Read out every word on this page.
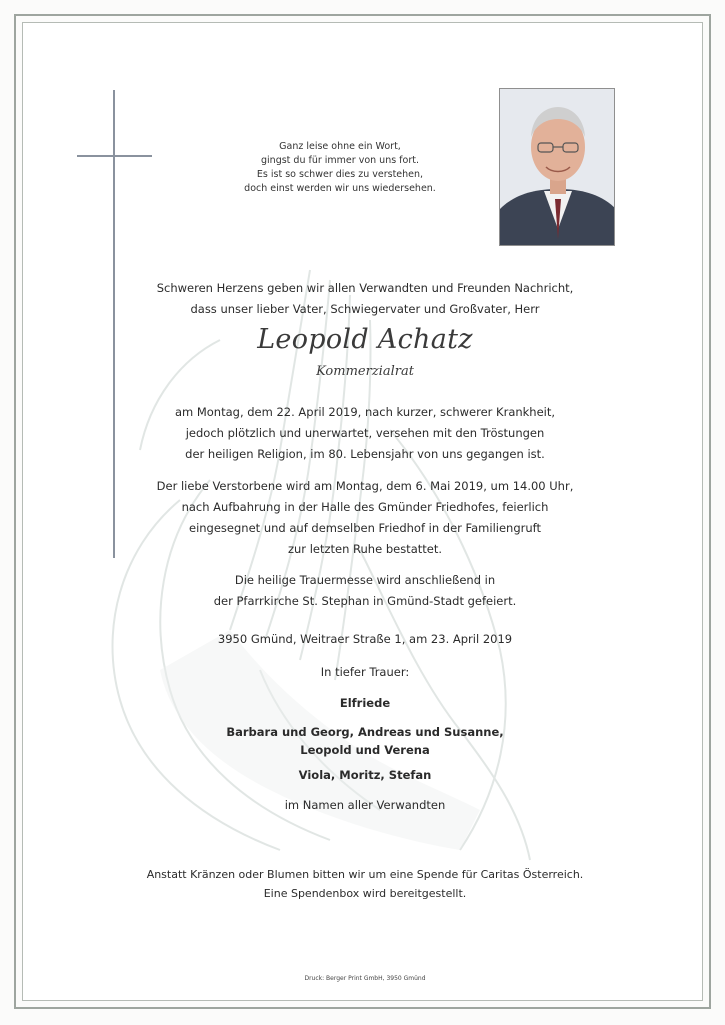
Ganz leise ohne ein Wort,
gingst du für immer von uns fort.
Es ist so schwer dies zu verstehen,
doch einst werden wir uns wiedersehen.
Schweren Herzens geben wir allen Verwandten und Freunden Nachricht,
dass unser lieber Vater, Schwiegervater und Großvater, Herr
Leopold Achatz
Kommerzialrat
am Montag, dem 22. April 2019, nach kurzer, schwerer Krankheit,
jedoch plötzlich und unerwartet, versehen mit den Tröstungen
der heiligen Religion, im 80. Lebensjahr von uns gegangen ist.
Der liebe Verstorbene wird am Montag, dem 6. Mai 2019, um 14.00 Uhr,
nach Aufbahrung in der Halle des Gmünder Friedhofes, feierlich
eingesegnet und auf demselben Friedhof in der Familiengruft
zur letzten Ruhe bestattet.
Die heilige Trauermesse wird anschließend in
der Pfarrkirche St. Stephan in Gmünd-Stadt gefeiert.
3950 Gmünd, Weitraer Straße 1, am 23. April 2019
In tiefer Trauer:
Elfriede
Barbara und Georg, Andreas und Susanne,
Leopold und Verena
Viola, Moritz, Stefan
im Namen aller Verwandten
Anstatt Kränzen oder Blumen bitten wir um eine Spende für Caritas Österreich.
Eine Spendenbox wird bereitgestellt.
Druck: Berger Print GmbH, 3950 Gmünd
